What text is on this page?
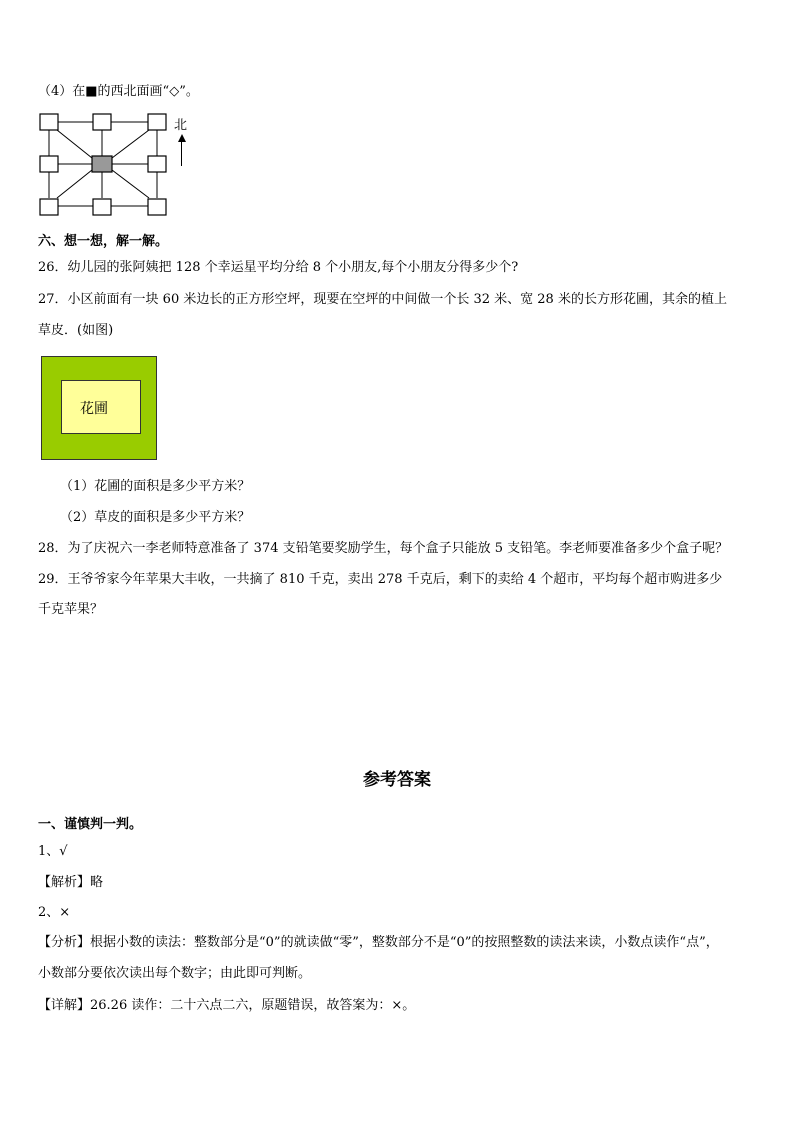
（4）在■的西北面画“◇”。
北
六、想一想，解一解。
26．幼儿园的张阿姨把 128 个幸运星平均分给 8 个小朋友,每个小朋友分得多少个?
27．小区前面有一块 60 米边长的正方形空坪，现要在空坪的中间做一个长 32 米、宽 28 米的长方形花圃，其余的植上
草皮．(如图)
花圃
（1）花圃的面积是多少平方米？
（2）草皮的面积是多少平方米？
28．为了庆祝六一李老师特意准备了 374 支铅笔要奖励学生，每个盒子只能放 5 支铅笔。李老师要准备多少个盒子呢？
29．王爷爷家今年苹果大丰收，一共摘了 810 千克，卖出 278 千克后，剩下的卖给 4 个超市，平均每个超市购进多少
千克苹果？
参考答案
一、谨慎判一判。
1、√
【解析】略
2、×
【分析】根据小数的读法：整数部分是“0”的就读做“零”，整数部分不是“0”的按照整数的读法来读，小数点读作“点”，
小数部分要依次读出每个数字；由此即可判断。
【详解】26.26 读作：二十六点二六，原题错误，故答案为：×。
